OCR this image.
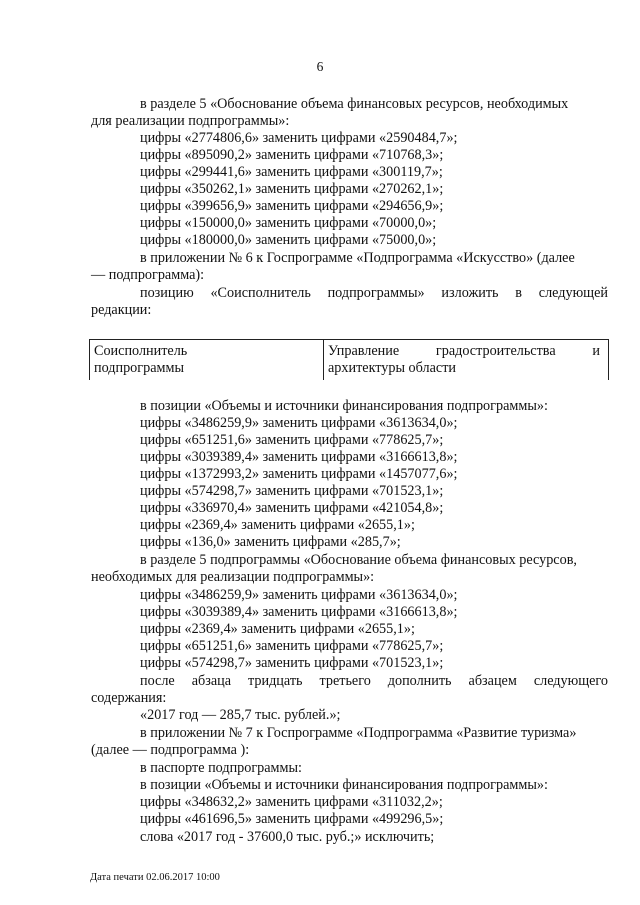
6
в разделе 5 «Обоснование объема финансовых ресурсов, необходимых
для реализации подпрограммы»:
цифры «2774806,6» заменить цифрами «2590484,7»;
цифры «895090,2» заменить цифрами «710768,3»;
цифры «299441,6» заменить цифрами «300119,7»;
цифры «350262,1» заменить цифрами «270262,1»;
цифры «399656,9» заменить цифрами «294656,9»;
цифры «150000,0» заменить цифрами «70000,0»;
цифры «180000,0» заменить цифрами «75000,0»;
в приложении № 6 к Госпрограмме «Подпрограмма «Искусство» (далее
— подпрограмма):
позицию «Соисполнитель подпрограммы» изложить в следующей
редакции:
Соисполнитель
подпрограммы
Управление градостроительства и
архитектуры области
в позиции «Объемы и источники финансирования подпрограммы»:
цифры «3486259,9» заменить цифрами «3613634,0»;
цифры «651251,6» заменить цифрами «778625,7»;
цифры «3039389,4» заменить цифрами «3166613,8»;
цифры «1372993,2» заменить цифрами «1457077,6»;
цифры «574298,7» заменить цифрами «701523,1»;
цифры «336970,4» заменить цифрами «421054,8»;
цифры «2369,4» заменить цифрами «2655,1»;
цифры «136,0» заменить цифрами «285,7»;
в разделе 5 подпрограммы «Обоснование объема финансовых ресурсов,
необходимых для реализации подпрограммы»:
цифры «3486259,9» заменить цифрами «3613634,0»;
цифры «3039389,4» заменить цифрами «3166613,8»;
цифры «2369,4» заменить цифрами «2655,1»;
цифры «651251,6» заменить цифрами «778625,7»;
цифры «574298,7» заменить цифрами «701523,1»;
после абзаца тридцать третьего дополнить абзацем следующего
содержания:
«2017 год — 285,7 тыс. рублей.»;
в приложении № 7 к Госпрограмме «Подпрограмма «Развитие туризма»
(далее — подпрограмма ):
в паспорте подпрограммы:
в позиции «Объемы и источники финансирования подпрограммы»:
цифры «348632,2» заменить цифрами «311032,2»;
цифры «461696,5» заменить цифрами «499296,5»;
слова «2017 год - 37600,0 тыс. руб.;» исключить;
Дата печати 02.06.2017 10:00
